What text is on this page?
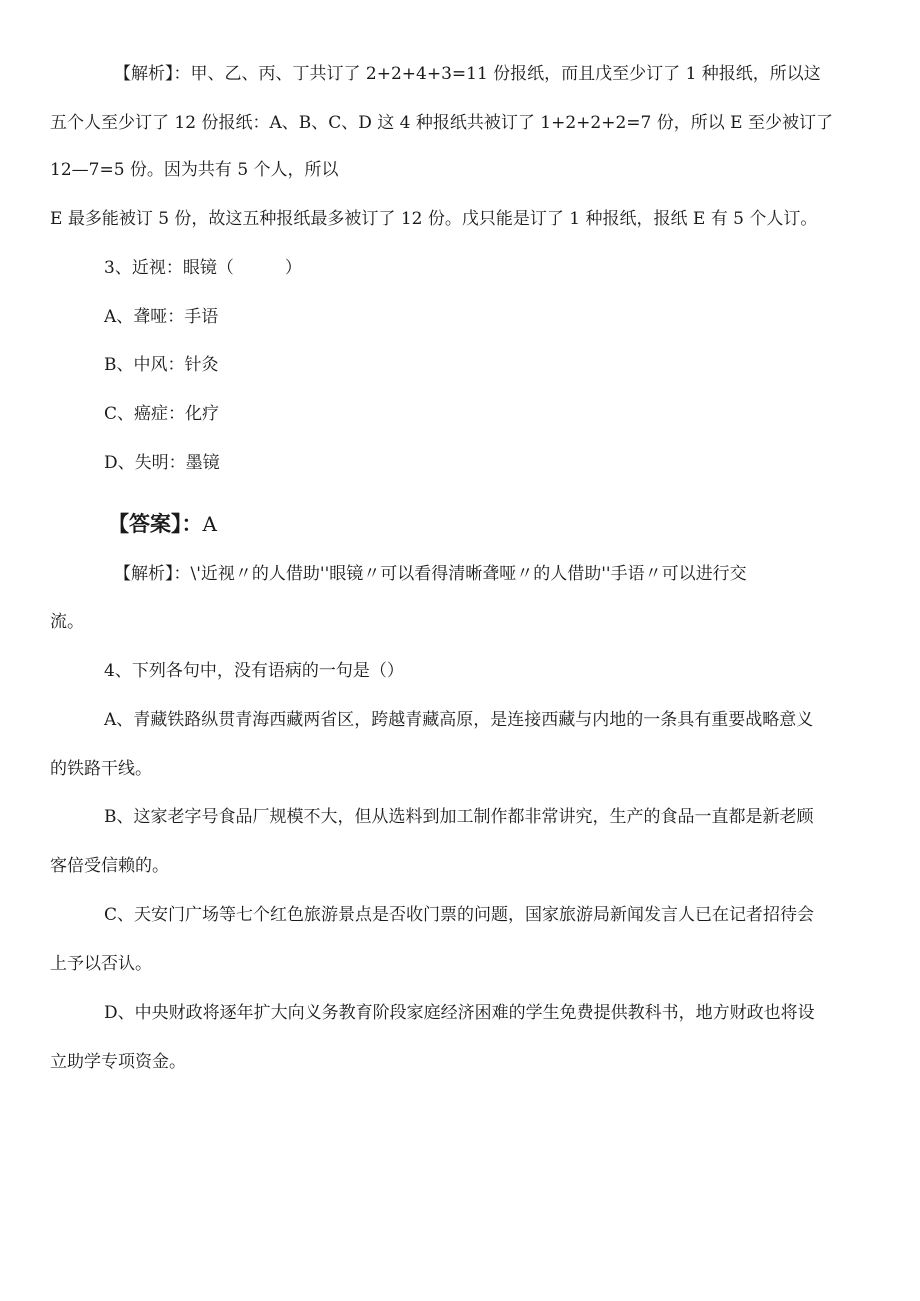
【解析】：甲、乙、丙、丁共订了 2+2+4+3=11 份报纸，而且戊至少订了 1 种报纸，所以这
五个人至少订了 12 份报纸：A、B、C、D 这 4 种报纸共被订了 1+2+2+2=7 份，所以 E 至少被订了
12—7=5 份。因为共有 5 个人，所以
E 最多能被订 5 份，故这五种报纸最多被订了 12 份。戊只能是订了 1 种报纸，报纸 E 有 5 个人订。
3、近视：眼镜（　　　）
A、聋哑：手语
B、中风：针灸
C、癌症：化疗
D、失明：墨镜
【答案】：A
【解析】：\'近视〃的人借助''眼镜〃可以看得清晰聋哑〃的人借助''手语〃可以进行交
流。
4、下列各句中，没有语病的一句是（）
A、青藏铁路纵贯青海西藏两省区，跨越青藏高原，是连接西藏与内地的一条具有重要战略意义
的铁路干线。
B、这家老字号食品厂规模不大，但从选料到加工制作都非常讲究，生产的食品一直都是新老顾
客倍受信赖的。
C、天安门广场等七个红色旅游景点是否收门票的问题，国家旅游局新闻发言人已在记者招待会
上予以否认。
D、中央财政将逐年扩大向义务教育阶段家庭经济困难的学生免费提供教科书，地方财政也将设
立助学专项资金。
